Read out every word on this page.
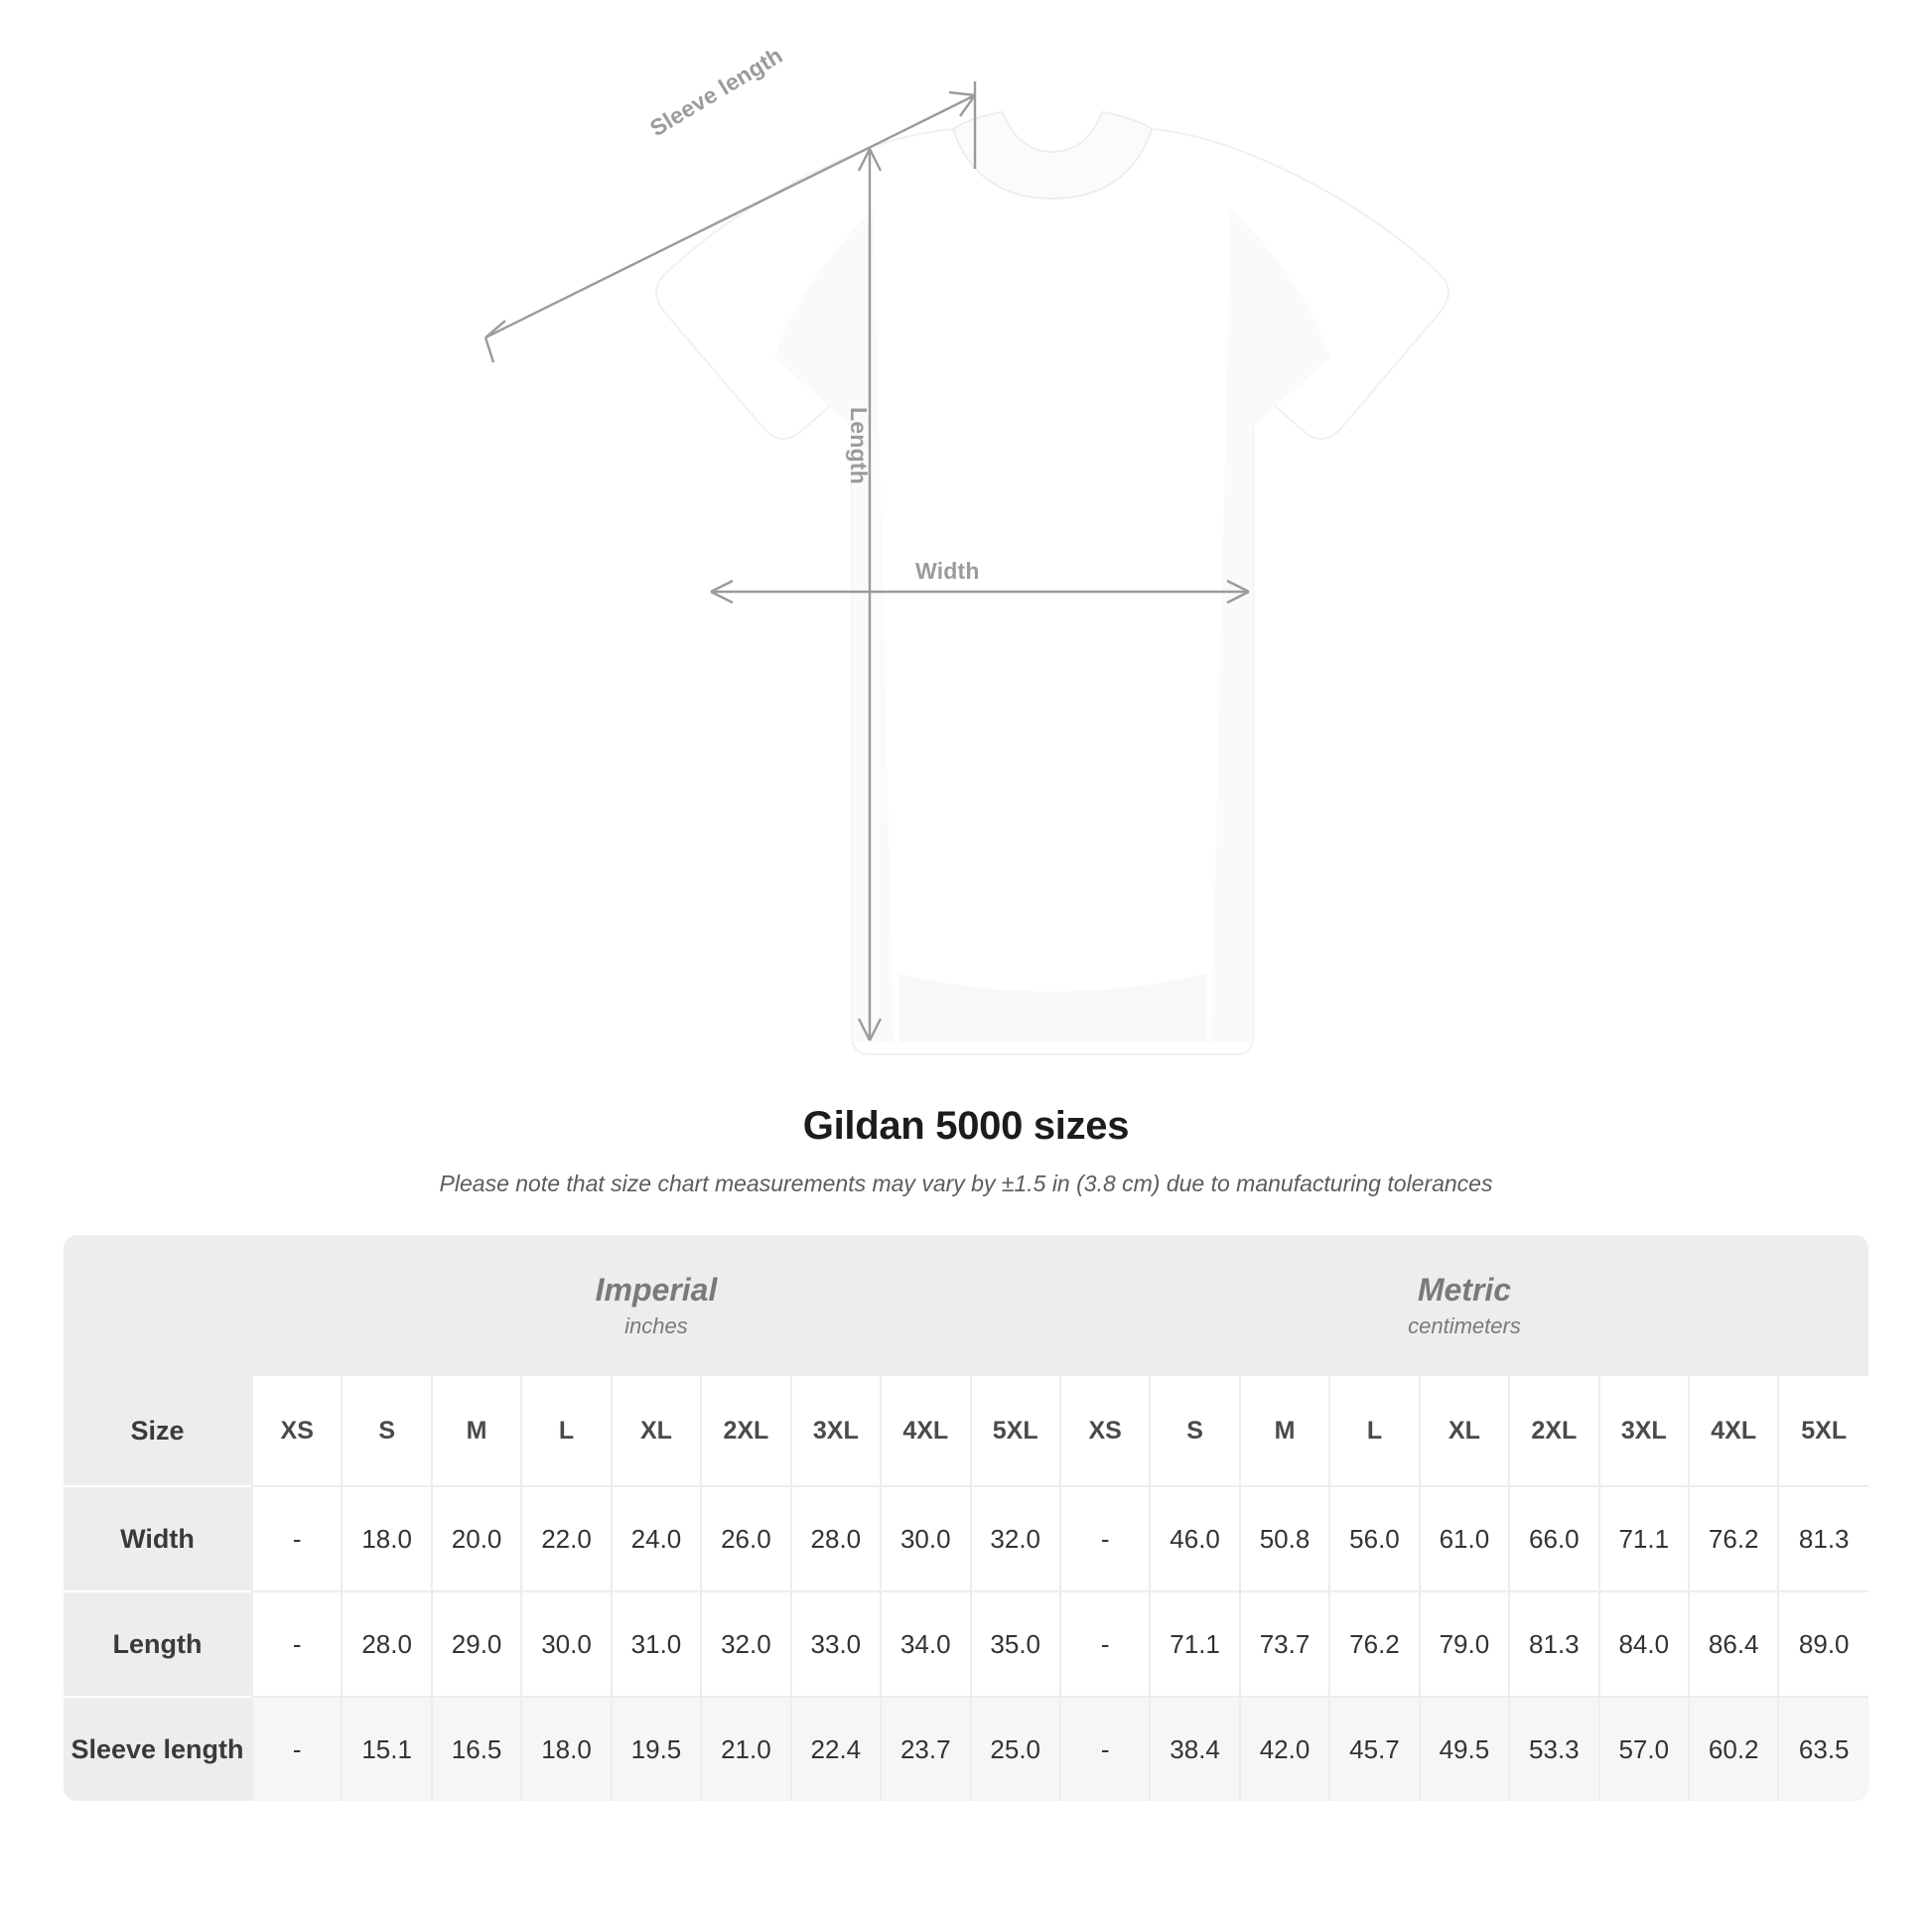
Sleeve length
Length
Width
Gildan 5000 sizes

Please note that size chart measurements may vary by ±1.5 in (3.8 cm) due to manufacturing tolerances

Imperial
inches

Metric
centimeters

Size	XS	S	M	L	XL	2XL	3XL	4XL	5XL	XS	S	M	L	XL	2XL	3XL	4XL	5XL
Width	-	18.0	20.0	22.0	24.0	26.0	28.0	30.0	32.0	-	46.0	50.8	56.0	61.0	66.0	71.1	76.2	81.3
Length	-	28.0	29.0	30.0	31.0	32.0	33.0	34.0	35.0	-	71.1	73.7	76.2	79.0	81.3	84.0	86.4	89.0
Sleeve length	-	15.1	16.5	18.0	19.5	21.0	22.4	23.7	25.0	-	38.4	42.0	45.7	49.5	53.3	57.0	60.2	63.5
